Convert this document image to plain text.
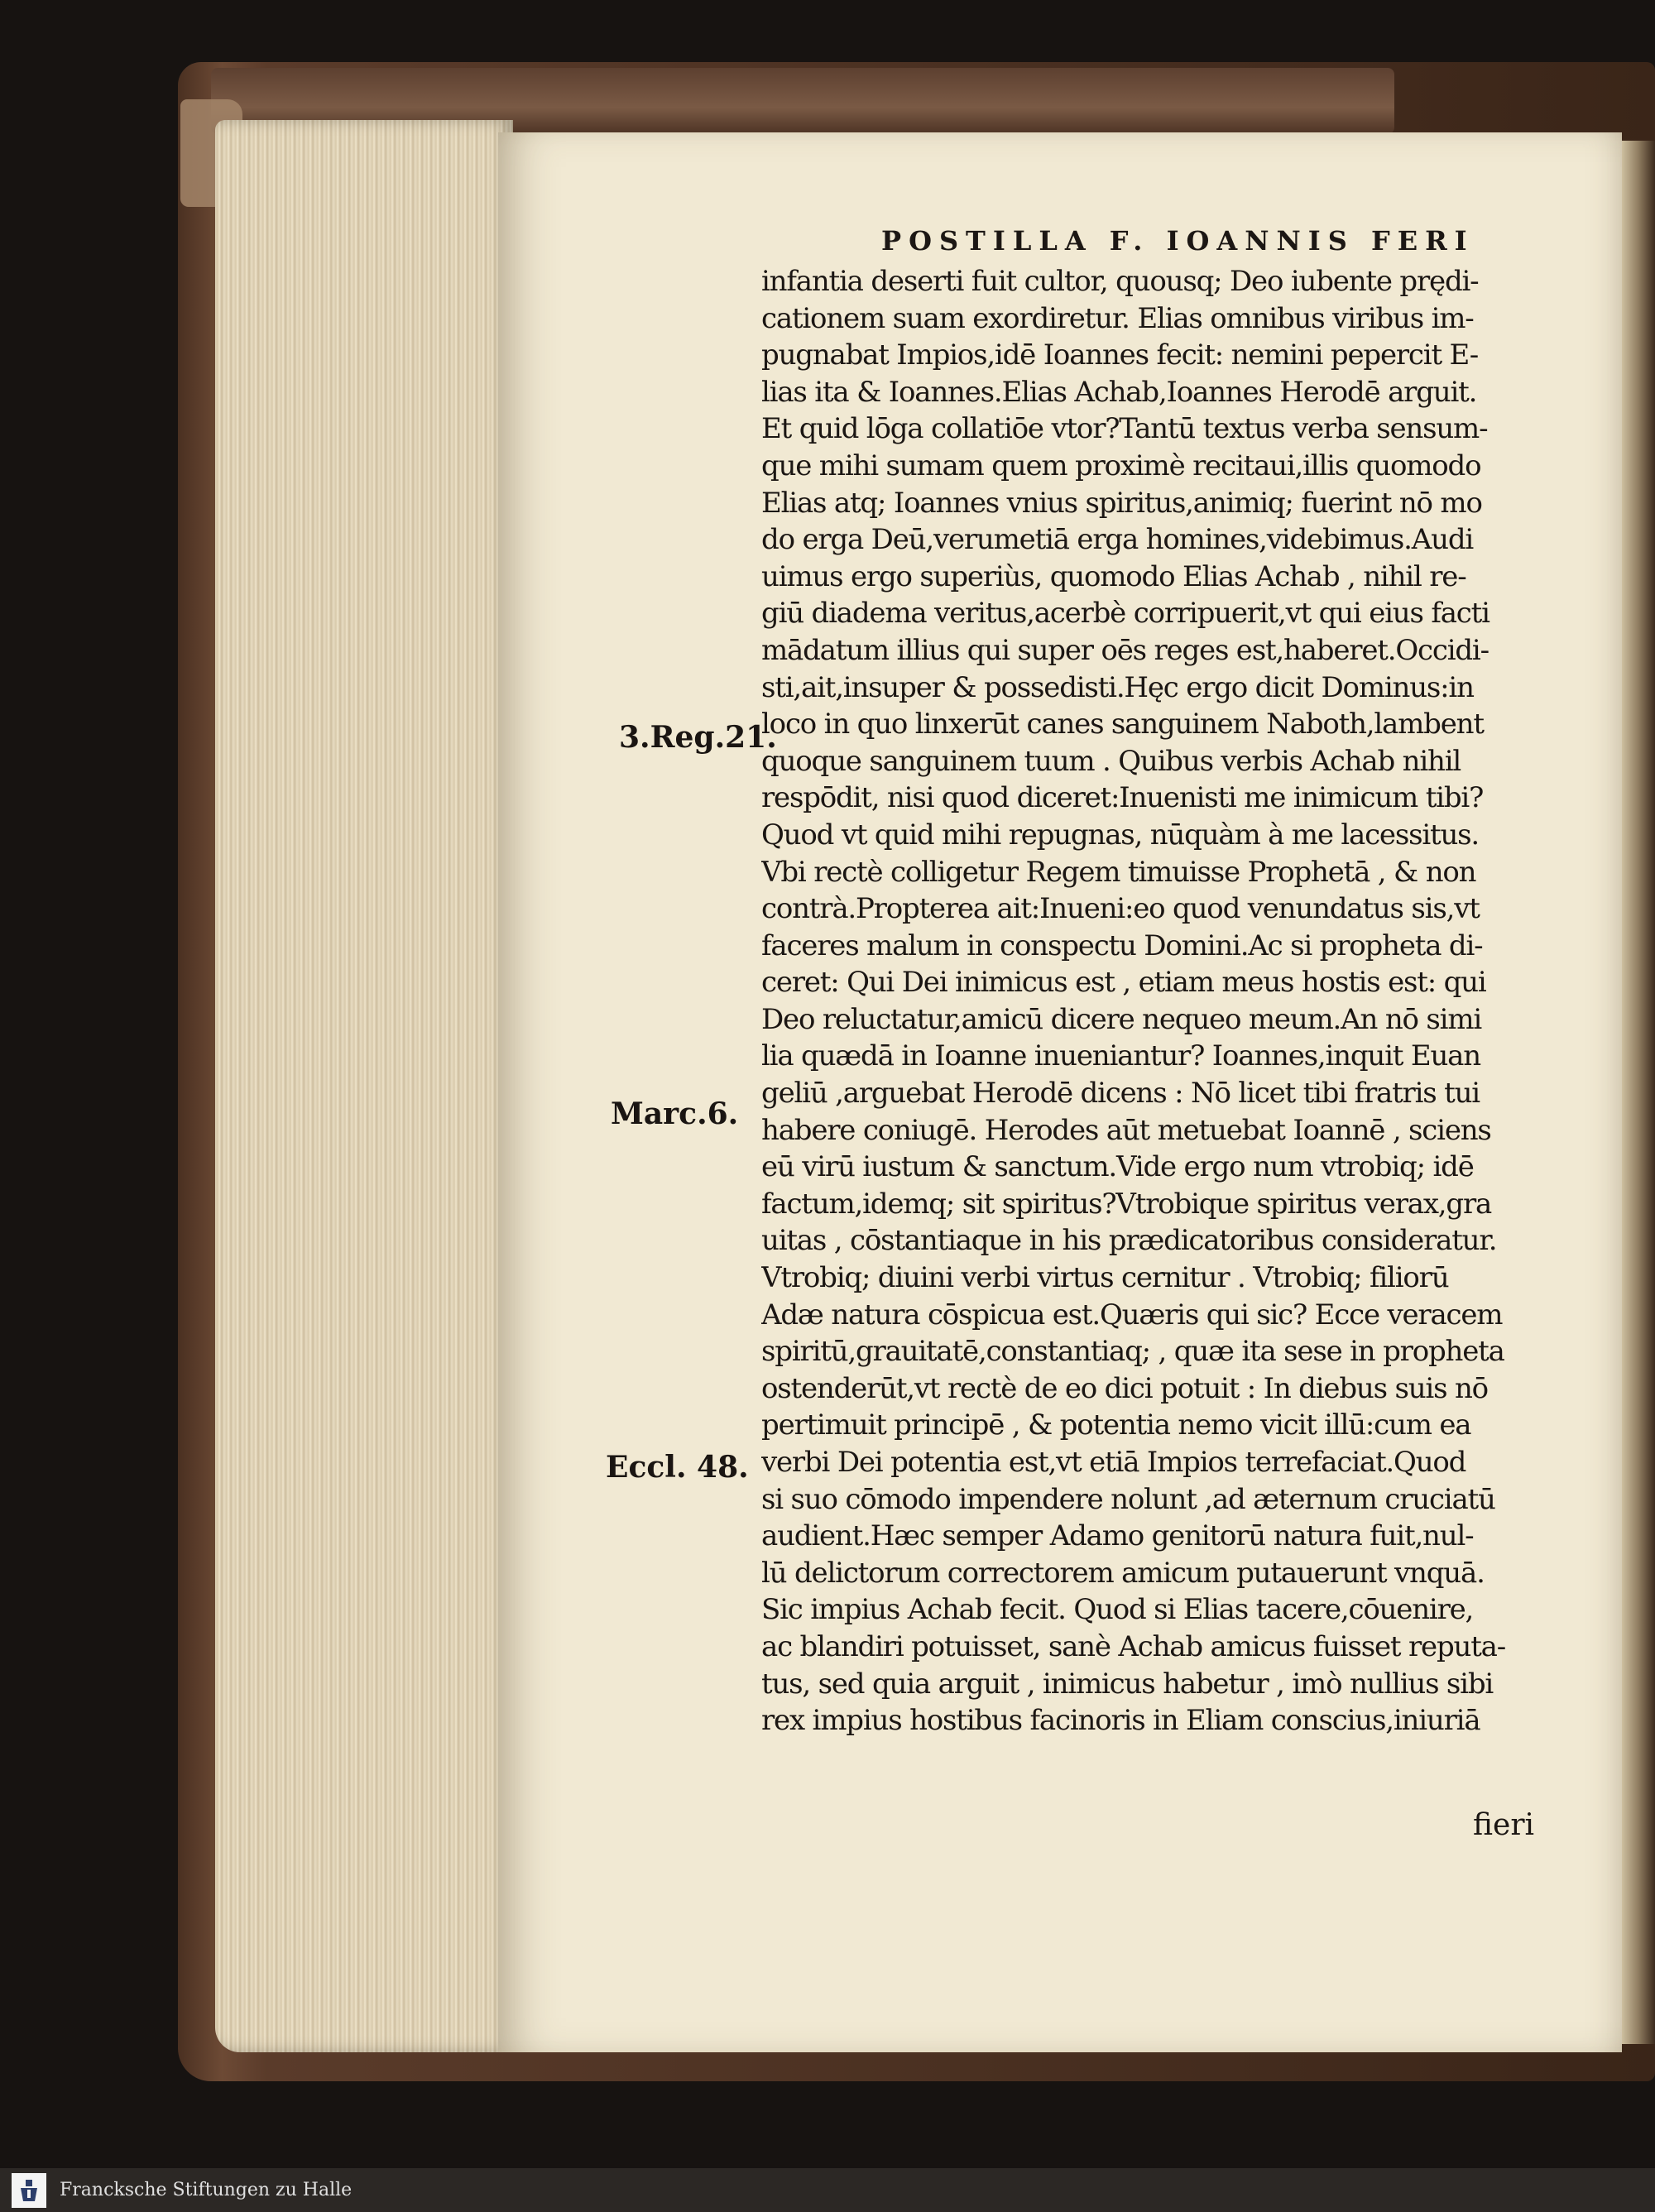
POSTILLA F. IOANNIS FERI
infantia deserti fuit cultor, quousq; Deo iubente prędi-
cationem suam exordiretur. Elias omnibus viribus im-
pugnabat Impios,idē Ioannes fecit: nemini pepercit E-
lias ita & Ioannes.Elias Achab,Ioannes Herodē arguit.
Et quid lōga collatiōe vtor?Tantū textus verba sensum-
que mihi sumam quem proximè recitaui,illis quomodo
Elias atq; Ioannes vnius spiritus,animiq; fuerint nō mo
do erga Deū,verumetiā erga homines,videbimus.Audi
uimus ergo superiùs, quomodo Elias Achab , nihil re-
giū diadema veritus,acerbè corripuerit,vt qui eius facti
mādatum illius qui super oēs reges est,haberet.Occidi-
sti,ait,insuper & possedisti.Hęc ergo dicit Dominus:in
loco in quo linxerūt canes sanguinem Naboth,lambent
quoque sanguinem tuum . Quibus verbis Achab nihil
respōdit, nisi quod diceret:Inuenisti me inimicum tibi?
Quod vt quid mihi repugnas, nūquàm à me lacessitus.
Vbi rectè colligetur Regem timuisse Prophetā , & non
contrà.Propterea ait:Inueni:eo quod venundatus sis,vt
faceres malum in conspectu Domini.Ac si propheta di-
ceret: Qui Dei inimicus est , etiam meus hostis est: qui
Deo reluctatur,amicū dicere nequeo meum.An nō simi
lia quædā in Ioanne inueniantur? Ioannes,inquit Euan
geliū ,arguebat Herodē dicens : Nō licet tibi fratris tui
habere coniugē. Herodes aūt metuebat Ioannē , sciens
eū virū iustum & sanctum.Vide ergo num vtrobiq; idē
factum,idemq; sit spiritus?Vtrobique spiritus verax,gra
uitas , cōstantiaque in his prædicatoribus consideratur.
Vtrobiq; diuini verbi virtus cernitur . Vtrobiq; filiorū
Adæ natura cōspicua est.Quæris qui sic? Ecce veracem
spiritū,grauitatē,constantiaq; , quæ ita sese in propheta
ostenderūt,vt rectè de eo dici potuit : In diebus suis nō
pertimuit principē , & potentia nemo vicit illū:cum ea
verbi Dei potentia est,vt etiā Impios terrefaciat.Quod
si suo cōmodo impendere nolunt ,ad æternum cruciatū
audient.Hæc semper Adamo genitorū natura fuit,nul-
lū delictorum correctorem amicum putauerunt vnquā.
Sic impius Achab fecit. Quod si Elias tacere,cōuenire,
ac blandiri potuisset, sanè Achab amicus fuisset reputa-
tus, sed quia arguit , inimicus habetur , imò nullius sibi
rex impius hostibus facinoris in Eliam conscius,iniuriā
3.Reg.21.
Marc.6.
Eccl. 48.
fieri
Francksche Stiftungen zu Halle
